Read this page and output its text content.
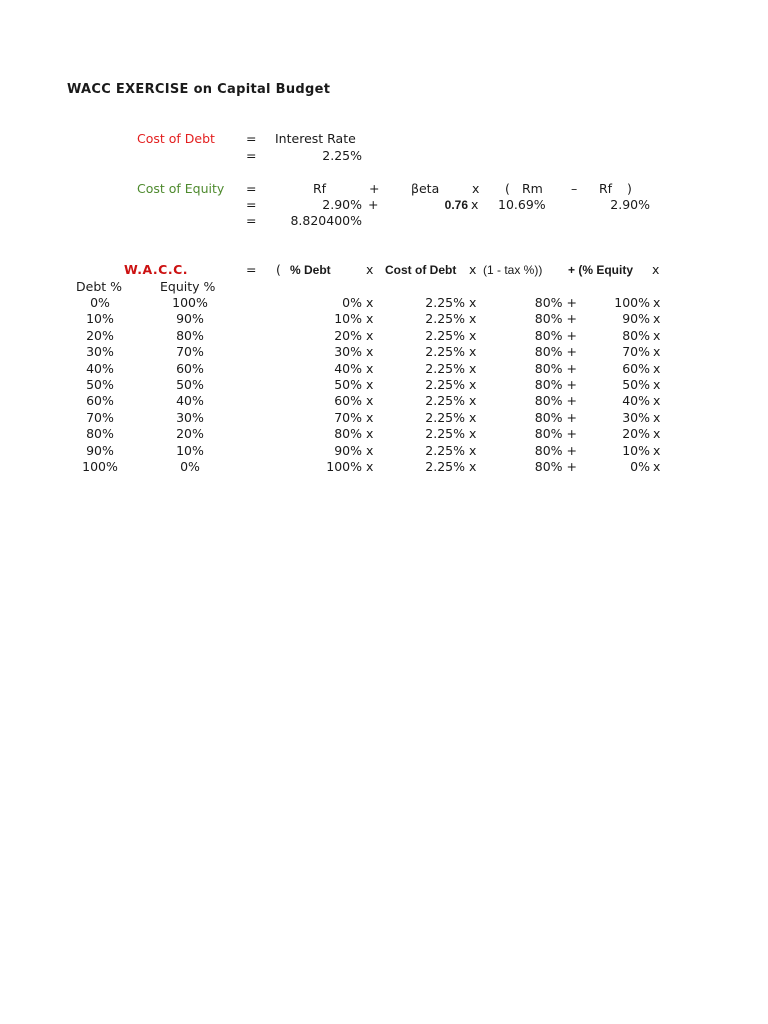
WACC EXERCISE on Capital Budget
Cost of Debt = Interest Rate
=	2.25%
Cost of Equity =	Rf	+	βeta	x ( Rm – Rf )
=	2.90% +	0.76 x 10.69%	2.90%
=	8.820400%
W.A.C.C.	= ( % Debt	x Cost of Debt x (1 - tax %)) + (% Equity x
Debt %	Equity %
0%	100%	0% x	2.25% x	80% +	100% x
10%	90%	10% x	2.25% x	80% +	90% x
20%	80%	20% x	2.25% x	80% +	80% x
30%	70%	30% x	2.25% x	80% +	70% x
40%	60%	40% x	2.25% x	80% +	60% x
50%	50%	50% x	2.25% x	80% +	50% x
60%	40%	60% x	2.25% x	80% +	40% x
70%	30%	70% x	2.25% x	80% +	30% x
80%	20%	80% x	2.25% x	80% +	20% x
90%	10%	90% x	2.25% x	80% +	10% x
100%	0%	100% x	2.25% x	80% +	0% x
